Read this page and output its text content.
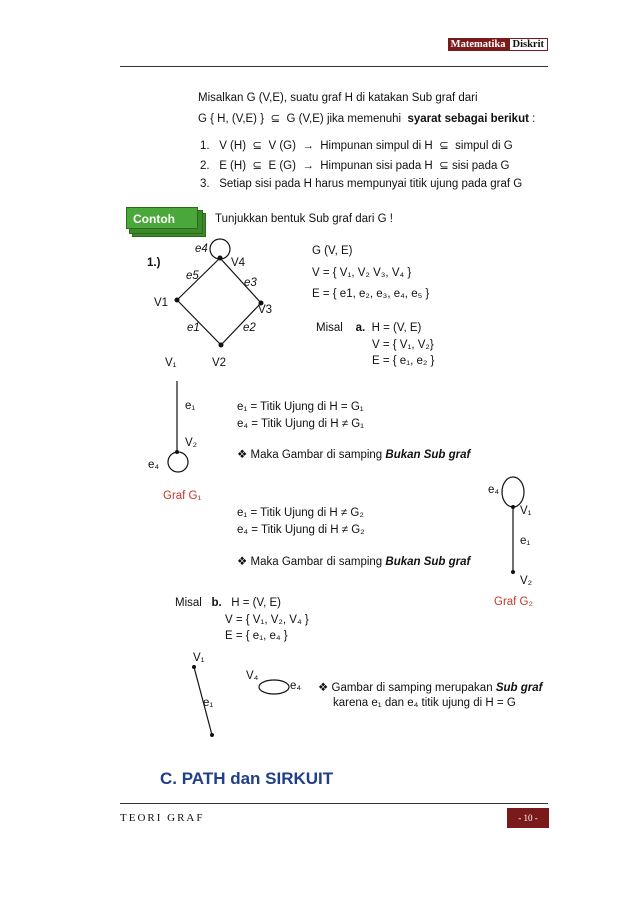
Matematika Diskrit
Misalkan G (V,E), suatu graf H di katakan Sub graf dari
G { H, (V,E) } ⊆ G (V,E) jika memenuhi syarat sebagai berikut :
1. V (H) ⊆ V (G) → Himpunan simpul di H ⊆ simpul di G
2. E (H) ⊆ E (G) → Himpunan sisi pada H ⊆ sisi pada G
3. Setiap sisi pada H harus mempunyai titik ujung pada graf G
Contoh	Tunjukkan bentuk Sub graf dari G !
1.)
e4
V4
e5
e3
V1
V3
e1	e2
G (V, E)
V = { V₁, V₂ V₃, V₄ }
E = { e1, e₂, e₃, e₄, e₅ }
Misal a. H = (V, E)
V = { V₁, V₂}
E = { e₁, e₂ }
V₁	V2
e₁
V₂
e₄
e₁ = Titik Ujung di H = G₁
e₄ = Titik Ujung di H ≠ G₁
❖ Maka Gambar di samping Bukan Sub graf
Graf G₁
e₁ = Titik Ujung di H ≠ G₂
e₄ = Titik Ujung di H ≠ G₂
❖ Maka Gambar di samping Bukan Sub graf
e₄
V₁
e₁
V₂
Graf G₂
Misal b. H = (V, E)
V = { V₁, V₂, V₄ }
E = { e₁, e₄ }
V₁
e₁
V₄
e₄ ❖ Gambar di samping merupakan Sub graf
karena e₁ dan e₄ titik ujung di H = G
C. PATH dan SIRKUIT
TEORI GRAF	- 10 -
